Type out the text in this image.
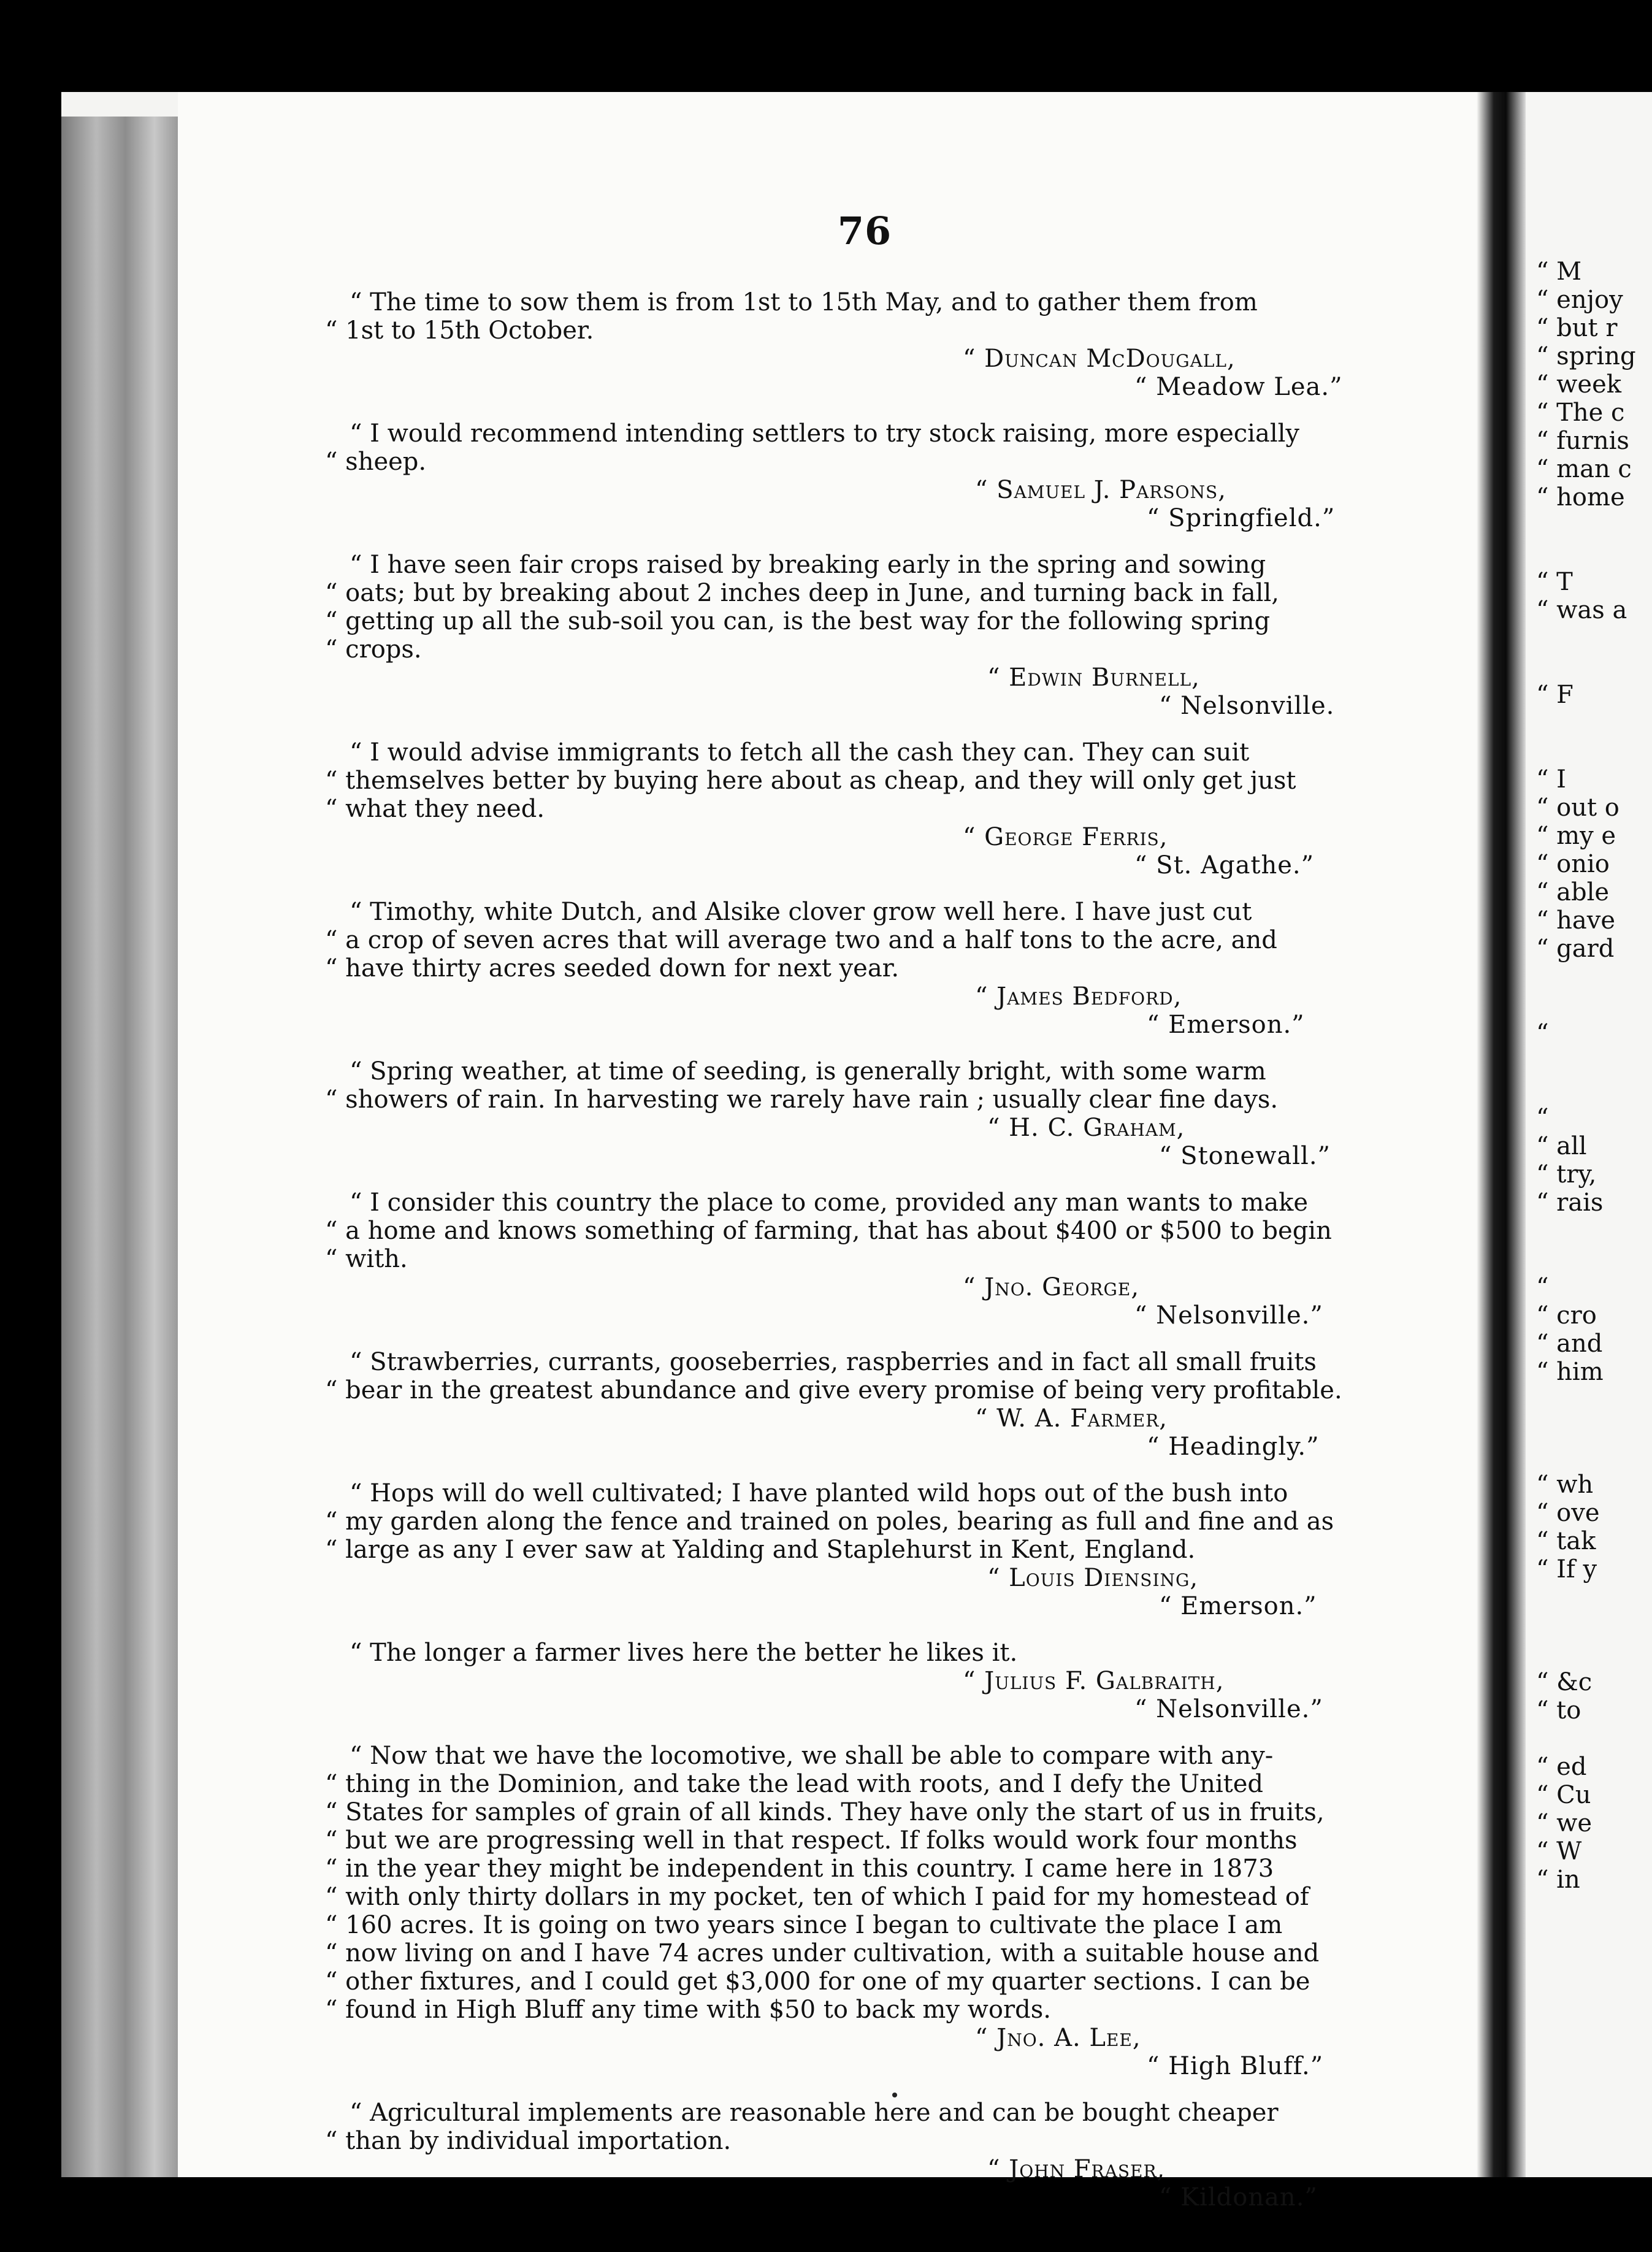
76

“ The time to sow them is from 1st to 15th May, and to gather them from

“ 1st to 15th October.

“ Duncan McDougall,
“ Meadow Lea.”

“ I would recommend intending settlers to try stock raising, more especially

“ sheep.

“ Samuel J. Parsons,
“ Springfield.”

“ I have seen fair crops raised by breaking early in the spring and sowing

“ oats; but by breaking about 2 inches deep in June, and turning back in fall,

“ getting up all the sub-soil you can, is the best way for the following spring

“ crops.

“ Edwin Burnell,
“ Nelsonville.

“ I would advise immigrants to fetch all the cash they can. They can suit

“ themselves better by buying here about as cheap, and they will only get just

“ what they need.

“ George Ferris,
“ St. Agathe.”

“ Timothy, white Dutch, and Alsike clover grow well here. I have just cut

“ a crop of seven acres that will average two and a half tons to the acre, and

“ have thirty acres seeded down for next year.

“ James Bedford,
“ Emerson.”

“ Spring weather, at time of seeding, is generally bright, with some warm

“ showers of rain. In harvesting we rarely have rain ; usually clear fine days.

“ H. C. Graham,
“ Stonewall.”

“ I consider this country the place to come, provided any man wants to make

“ a home and knows something of farming, that has about $400 or $500 to begin

“ with.

“ Jno. George,
“ Nelsonville.”

“ Strawberries, currants, gooseberries, raspberries and in fact all small fruits

“ bear in the greatest abundance and give every promise of being very profitable.

“ W. A. Farmer,
“ Headingly.”

“ Hops will do well cultivated; I have planted wild hops out of the bush into

“ my garden along the fence and trained on poles, bearing as full and fine and as

“ large as any I ever saw at Yalding and Staplehurst in Kent, England.

“ Louis Diensing,
“ Emerson.”

“ The longer a farmer lives here the better he likes it.

“ Julius F. Galbraith,
“ Nelsonville.”

“ Now that we have the locomotive, we shall be able to compare with any-

“ thing in the Dominion, and take the lead with roots, and I defy the United

“ States for samples of grain of all kinds. They have only the start of us in fruits,

“ but we are progressing well in that respect. If folks would work four months

“ in the year they might be independent in this country. I came here in 1873

“ with only thirty dollars in my pocket, ten of which I paid for my homestead of

“ 160 acres. It is going on two years since I began to cultivate the place I am

“ now living on and I have 74 acres under cultivation, with a suitable house and

“ other fixtures, and I could get $3,000 for one of my quarter sections. I can be

“ found in High Bluff any time with $50 to back my words.

“ Jno. A. Lee,
“ High Bluff.”

“ Agricultural implements are reasonable here and can be bought cheaper

“ than by individual importation.

“ John Fraser,
“ Kildonan.”
“ M
“ enjoy
“ but r
“ spring
“ week
“ The c
“ furnis
“ man c
“ home

“ T
“ was a

“ F

“ I
“ out o
“ my e
“ onio
“ able
“ have
“ gard

“

“
“ all
“ try,
“ rais

“
“ cro
“ and
“ him

“ wh
“ ove
“ tak
“ If y

“ &c
“ to

“ ed
“ Cu
“ we
“ W
“ in
